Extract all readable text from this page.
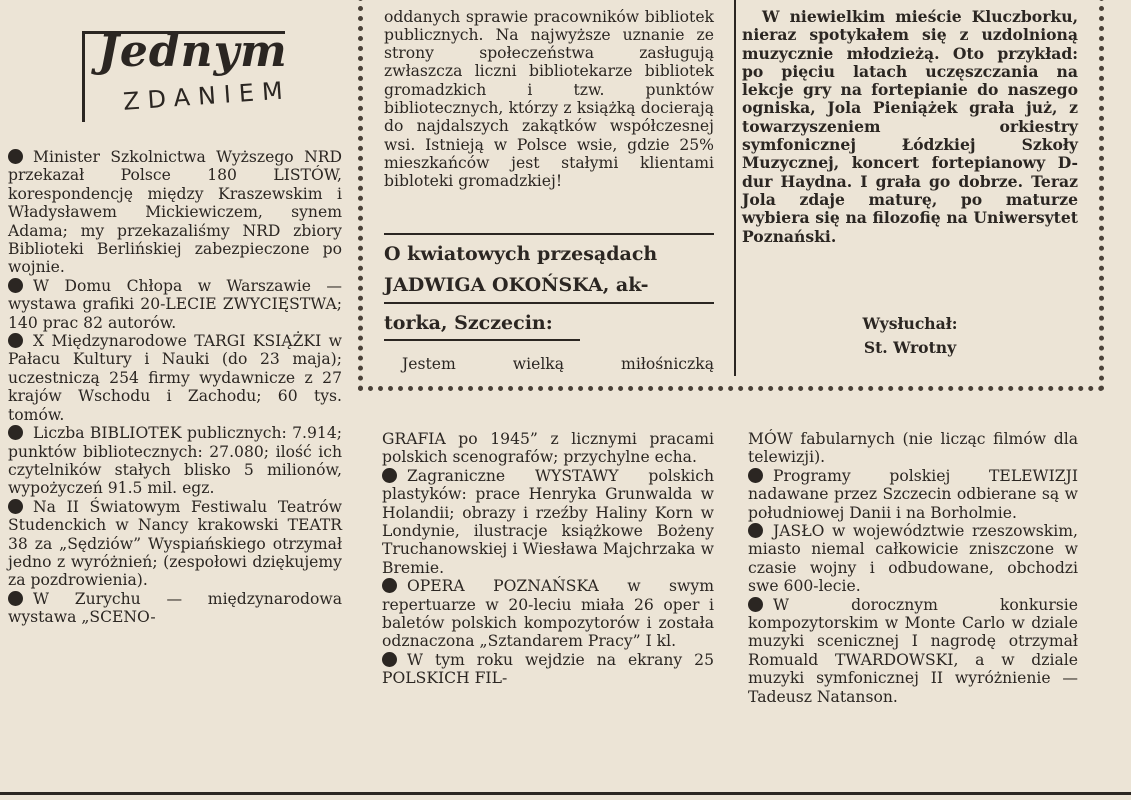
Jednym
ZDANIEM

Minister Szkolnictwa Wyższego NRD przekazał Polsce 180 LISTÓW, korespondencję między Kraszewskim i Władysławem Mickiewiczem, synem Adama; my przekazaliśmy NRD zbiory Biblioteki Berlińskiej zabezpieczone po wojnie.

W Domu Chłopa w Warszawie — wystawa grafiki 20-LECIE ZWYCIĘSTWA; 140 prac 82 autorów.

X Międzynarodowe TARGI KSIĄŻKI w Pałacu Kultury i Nauki (do 23 maja); uczestniczą 254 firmy wydawnicze z 27 krajów Wschodu i Zachodu; 60 tys. tomów.

Liczba BIBLIOTEK publicznych: 7.914; punktów bibliotecznych: 27.080; ilość ich czytelników stałych blisko 5 milionów, wypożyczeń 91.5 mil. egz.

Na II Światowym Festiwalu Teatrów Studenckich w Nancy krakowski TEATR 38 za „Sędziów” Wyspiańskiego otrzymał jedno z wyróżnień; (zespołowi dziękujemy za pozdrowienia).

W Zurychu — międzynarodowa wystawa „SCENO-

oddanych sprawie pracowników bibliotek publicznych. Na najwyższe uznanie ze strony społeczeństwa zasługują zwłaszcza liczni bibliotekarze bibliotek gromadzkich i tzw. punktów bibliotecznych, którzy z książką docierają do najdalszych zakątków współczesnej wsi. Istnieją w Polsce wsie, gdzie 25% mieszkańców jest stałymi klientami bibloteki gromadzkiej!

O kwiatowych przesądach
JADWIGA OKOŃSKA, ak-
torka, Szczecin:
Jestem wielką miłośniczką
W niewielkim mieście Kluczborku, nieraz spotykałem się z uzdolnioną muzycznie młodzieżą. Oto przykład: po pięciu latach uczęszczania na lekcje gry na fortepianie do naszego ogniska, Jola Pieniążek grała już, z towarzyszeniem orkiestry symfonicznej Łódzkiej Szkoły Muzycznej, koncert fortepianowy D-dur Haydna. I grała go dobrze. Teraz Jola zdaje maturę, po maturze wybiera się na filozofię na Uniwersytet Poznański.
Wysłuchał:
St. Wrotny

GRAFIA po 1945” z licznymi pracami polskich scenografów; przychylne echa.

Zagraniczne WYSTAWY polskich plastyków: prace Henryka Grunwalda w Holandii; obrazy i rzeźby Haliny Korn w Londynie, ilustracje książkowe Bożeny Truchanowskiej i Wiesława Majchrzaka w Bremie.

OPERA POZNAŃSKA w swym repertuarze w 20-leciu miała 26 oper i baletów polskich kompozytorów i została odznaczona „Sztandarem Pracy” I kl.

W tym roku wejdzie na ekrany 25 POLSKICH FIL-

MÓW fabularnych (nie licząc filmów dla telewizji).

Programy polskiej TELEWIZJI nadawane przez Szczecin odbierane są w południowej Danii i na Borholmie.

JASŁO w województwie rzeszowskim, miasto niemal całkowicie zniszczone w czasie wojny i odbudowane, obchodzi swe 600-lecie.

W dorocznym konkursie kompozytorskim w Monte Carlo w dziale muzyki scenicznej I nagrodę otrzymał Romuald TWARDOWSKI, a w dziale muzyki symfonicznej II wyróżnienie — Tadeusz Natanson.
